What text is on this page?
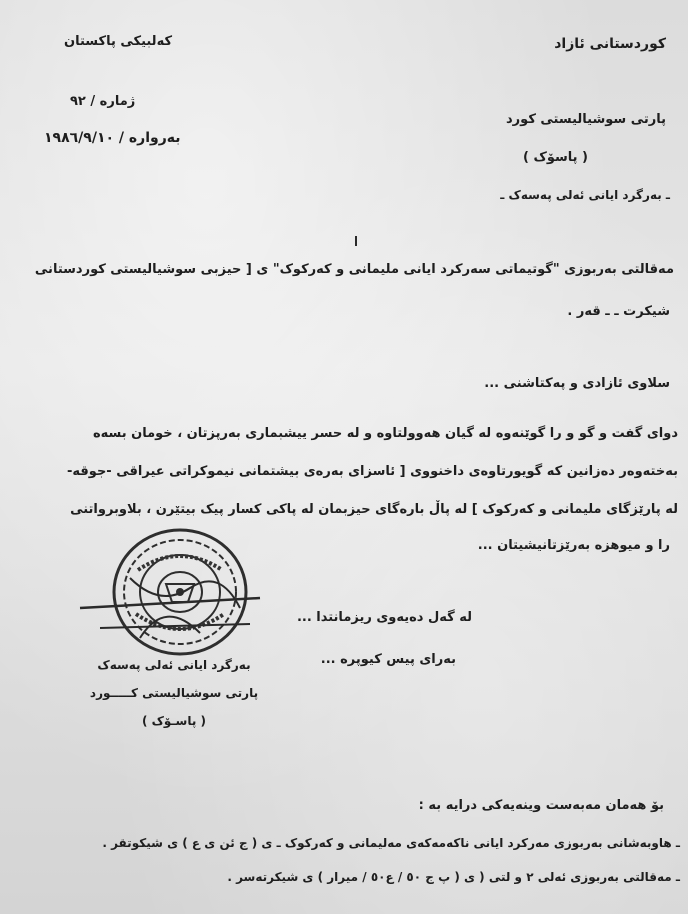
کوردستانی ئازاد
کەلبیکی پاکستان
ژمارە / ٩٢
بەرواره / ١٩٨٦/٩/١٠
پارتی سوشیالیستی کورد
( پاسۆک )
ـ بەرگرد ایانی ئەلی پەسەک ـ
مەقالتی بەربوزی "گوتیماتی سەرکرد ایانی ملیمانی و کەرکوک" ی [ حیزبی سوشیالیستی کوردستانی
شیکرت ـ ـ قەر .
سلاوی ئازادی و پەکتاشنی ...
دوای گفت و گو و را گوێنەوە لە گیان هەوولتاوە و لە حسر ییشبماری بەرپزتان ، خومان بسەە
بەختەوەر دەزانین کە گویورتاوەی داخنووی [ ئاسزای بەرەی بیشتمانی نیموکراتی عیراقی -جوقە-
لە پارێزگای ملیمانی و کەرکوک ] لە پاڵ بارەگای حیزبمان لە پاکی کسار پیک بیتێرن ، بلاوبرواتنی
را و میوهزە بەرێزتانیشیتان ...
لە گەل دەیەوی ریزمانتدا ...
بەرای پیس کیوپرە ...
بەرگرد ایانی ئەلی پەسەک
پارتی سوشیالیستی کـــــورد
( پاسـۆک )
بۆ هەمان مەبەست وینەیەکی درایە بە :
ـ هاوبەشانی بەربوزی مەرکرد ایانی ناکەمەکەی مەلیمانی و کەرکوک ـ ی ( ج ئن ی ع ) ی شیکوتقر .
ـ مەقالتی بەربوزی ئەلی ٢ و لتی ( ی ( پ ج ٥٠ / ع٥٠ / میرار ) ی شیکرتەسر .
